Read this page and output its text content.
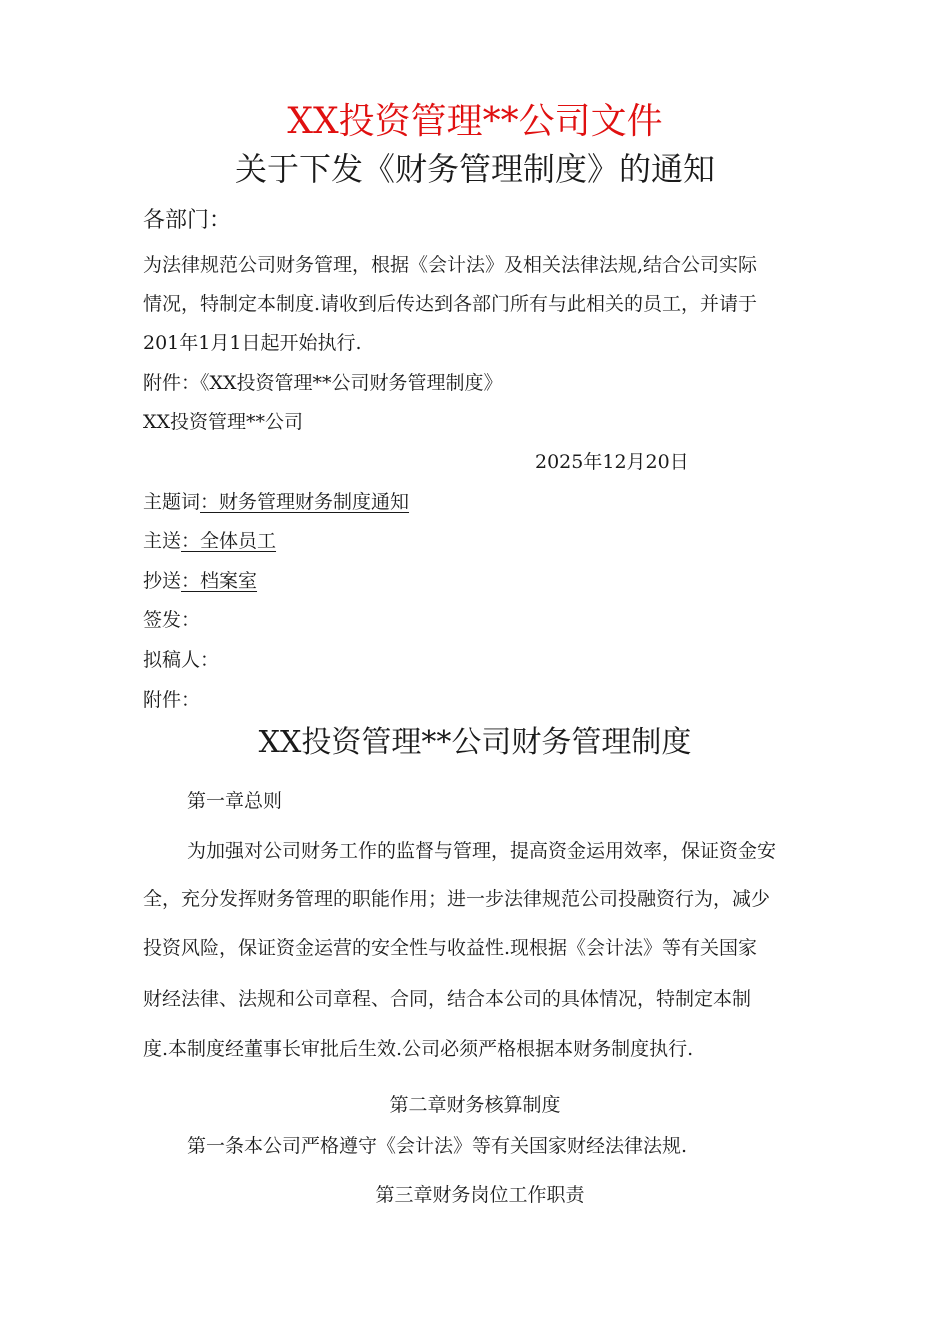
XX投资管理**公司文件
关于下发《财务管理制度》的通知
各部门：
为法律规范公司财务管理，根据《会计法》及相关法律法规,结合公司实际
情况，特制定本制度.请收到后传达到各部门所有与此相关的员工，并请于
201年1月1日起开始执行.
附件：《XX投资管理**公司财务管理制度》
XX投资管理**公司
2025年12月20日
主题词：财务管理财务制度通知
主送：全体员工
抄送：档案室
签发：
拟稿人：
附件：
XX投资管理**公司财务管理制度
第一章总则
为加强对公司财务工作的监督与管理，提高资金运用效率，保证资金安
全，充分发挥财务管理的职能作用；进一步法律规范公司投融资行为，减少
投资风险，保证资金运营的安全性与收益性.现根据《会计法》等有关国家
财经法律、法规和公司章程、合同，结合本公司的具体情况，特制定本制
度.本制度经董事长审批后生效.公司必须严格根据本财务制度执行.
第二章财务核算制度
第一条本公司严格遵守《会计法》等有关国家财经法律法规.
第三章财务岗位工作职责
